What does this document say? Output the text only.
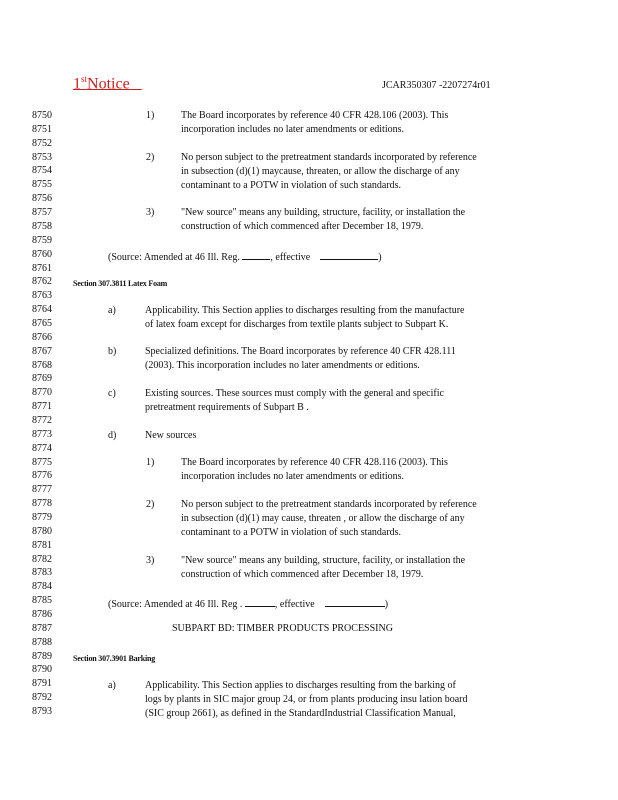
1stNotice	JCAR350307 -2207274r01
8750
8751
8752
8753
8754
8755
8756
8757
8758
8759
8760
8761
8762
8763
8764
8765
8766
8767
8768
8769
8770
8771
8772
8773
8774
8775
8776
8777
8778
8779
8780
8781
8782
8783
8784
8785
8786
8787
8788
8789
8790
8791
8792
8793
1)	The Board incorporates by reference 40 CFR 428.106 (2003). This
incorporation includes no later amendments or editions.
2)	No person subject to the pretreatment standards incorporated by reference
in subsection (d)(1) maycause, threaten, or allow the discharge of any
contaminant to a POTW in violation of such standards.
3)	"New source" means any building, structure, facility, or installation the
construction of which commenced after December 18, 1979.
(Source: Amended at 46 Ill. Reg.	, effective	)
Section 307.3811 Latex Foam
a)	Applicability. This Section applies to discharges resulting from the manufacture
of latex foam except for discharges from textile plants subject to Subpart K.
b)	Specialized definitions. The Board incorporates by reference 40 CFR 428.111
(2003). This incorporation includes no later amendments or editions.
c)	Existing sources. These sources must comply with the general and specific
pretreatment requirements of Subpart B .
d)	New sources
1)	The Board incorporates by reference 40 CFR 428.116 (2003). This
incorporation includes no later amendments or editions.
2)	No person subject to the pretreatment standards incorporated by reference
in subsection (d)(1) may cause, threaten , or allow the discharge of any
contaminant to a POTW in violation of such standards.
3)	"New source" means any building, structure, facility, or installation the
construction of which commenced after December 18, 1979.
(Source: Amended at 46 Ill. Reg .	, effective	)
SUBPART BD: TIMBER PRODUCTS PROCESSING
Section 307.3901 Barking
a)	Applicability. This Section applies to discharges resulting from the barking of
logs by plants in SIC major group 24, or from plants producing insu lation board
(SIC group 2661), as defined in the StandardIndustrial Classification Manual,
